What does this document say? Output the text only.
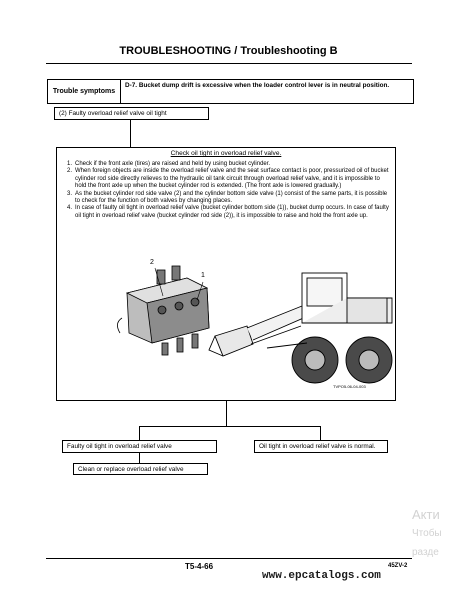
TROUBLESHOOTING / Troubleshooting B
Trouble symptoms
D-7. Bucket dump drift is excessive when the loader control lever is in neutral position.
(2) Faulty overload relief valve oil tight
Check oil tight in overload relief valve.
1. Check if the front axle (tires) are raised and held by using bucket cylinder.
2. When foreign objects are inside the overload relief valve and the seat surface contact is poor, pressurized oil of bucket cylinder rod side directly relieves to the hydraulic oil tank circuit through overload relief valve, and it is impossible to hold the front axle up when the bucket cylinder rod is extended. (The front axle is lowered gradually.)
3. As the bucket cylinder rod side valve (2) and the cylinder bottom side valve (1) consist of the same parts, it is possible to check for the function of both valves by changing places.
4. In case of faulty oil tight in overload relief valve (bucket cylinder bottom side (1)), bucket dump occurs. In case of faulty oil tight in overload relief valve (bucket cylinder rod side (2)), it is impossible to raise and hold the front axle up.
2
1
TVPO5-06-04-003
Faulty oil tight in overload relief valve	Oil tight in overload relief valve is normal.
Clean or replace overload relief valve
Акти
Чтобы
разде
T5-4-66	45ZV-2
www.epcatalogs.com
